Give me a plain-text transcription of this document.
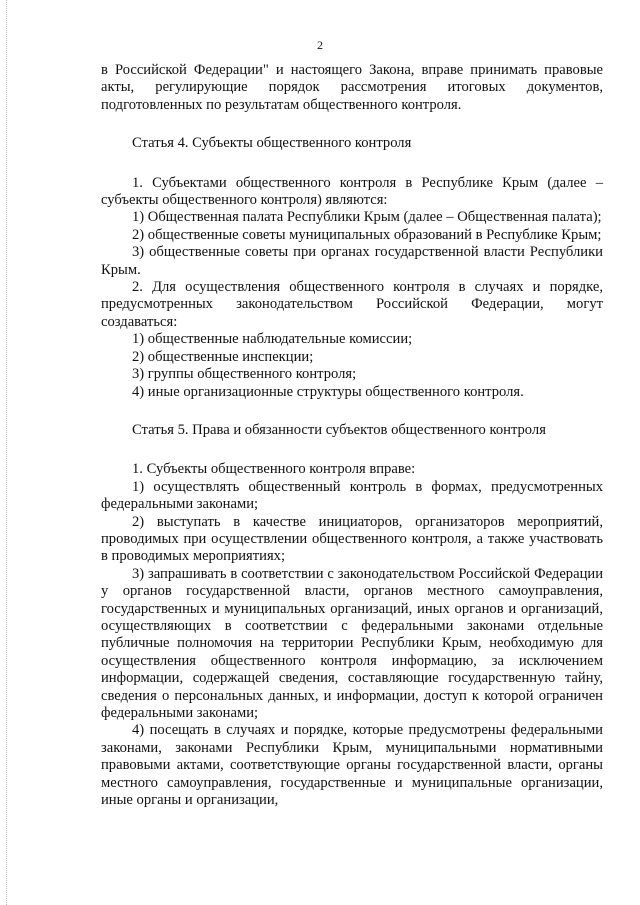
2

в Российской Федерации" и настоящего Закона, вправе принимать правовые акты, регулирующие порядок рассмотрения итоговых документов, подготовленных по результатам общественного контроля.

Статья 4. Субъекты общественного контроля

1. Субъектами общественного контроля в Республике Крым (далее – субъекты общественного контроля) являются:

1) Общественная палата Республики Крым (далее – Общественная палата);

2) общественные советы муниципальных образований в Республике Крым;

3) общественные советы при органах государственной власти Республики Крым.

2. Для осуществления общественного контроля в случаях и порядке, предусмотренных законодательством Российской Федерации, могут создаваться:

1) общественные наблюдательные комиссии;

2) общественные инспекции;

3) группы общественного контроля;

4) иные организационные структуры общественного контроля.

Статья 5. Права и обязанности субъектов общественного контроля

1. Субъекты общественного контроля вправе:

1) осуществлять общественный контроль в формах, предусмотренных федеральными законами;

2) выступать в качестве инициаторов, организаторов мероприятий, проводимых при осуществлении общественного контроля, а также участвовать в проводимых мероприятиях;

3) запрашивать в соответствии с законодательством Российской Федерации у органов государственной власти, органов местного самоуправления, государственных и муниципальных организаций, иных органов и организаций, осуществляющих в соответствии с федеральными законами отдельные публичные полномочия на территории Республики Крым, необходимую для осуществления общественного контроля информацию, за исключением информации, содержащей сведения, составляющие государственную тайну, сведения о персональных данных, и информации, доступ к которой ограничен федеральными законами;

4) посещать в случаях и порядке, которые предусмотрены федеральными законами, законами Республики Крым, муниципальными нормативными правовыми актами, соответствующие органы государственной власти, органы местного самоуправления, государственные и муниципальные организации, иные органы и организации,
